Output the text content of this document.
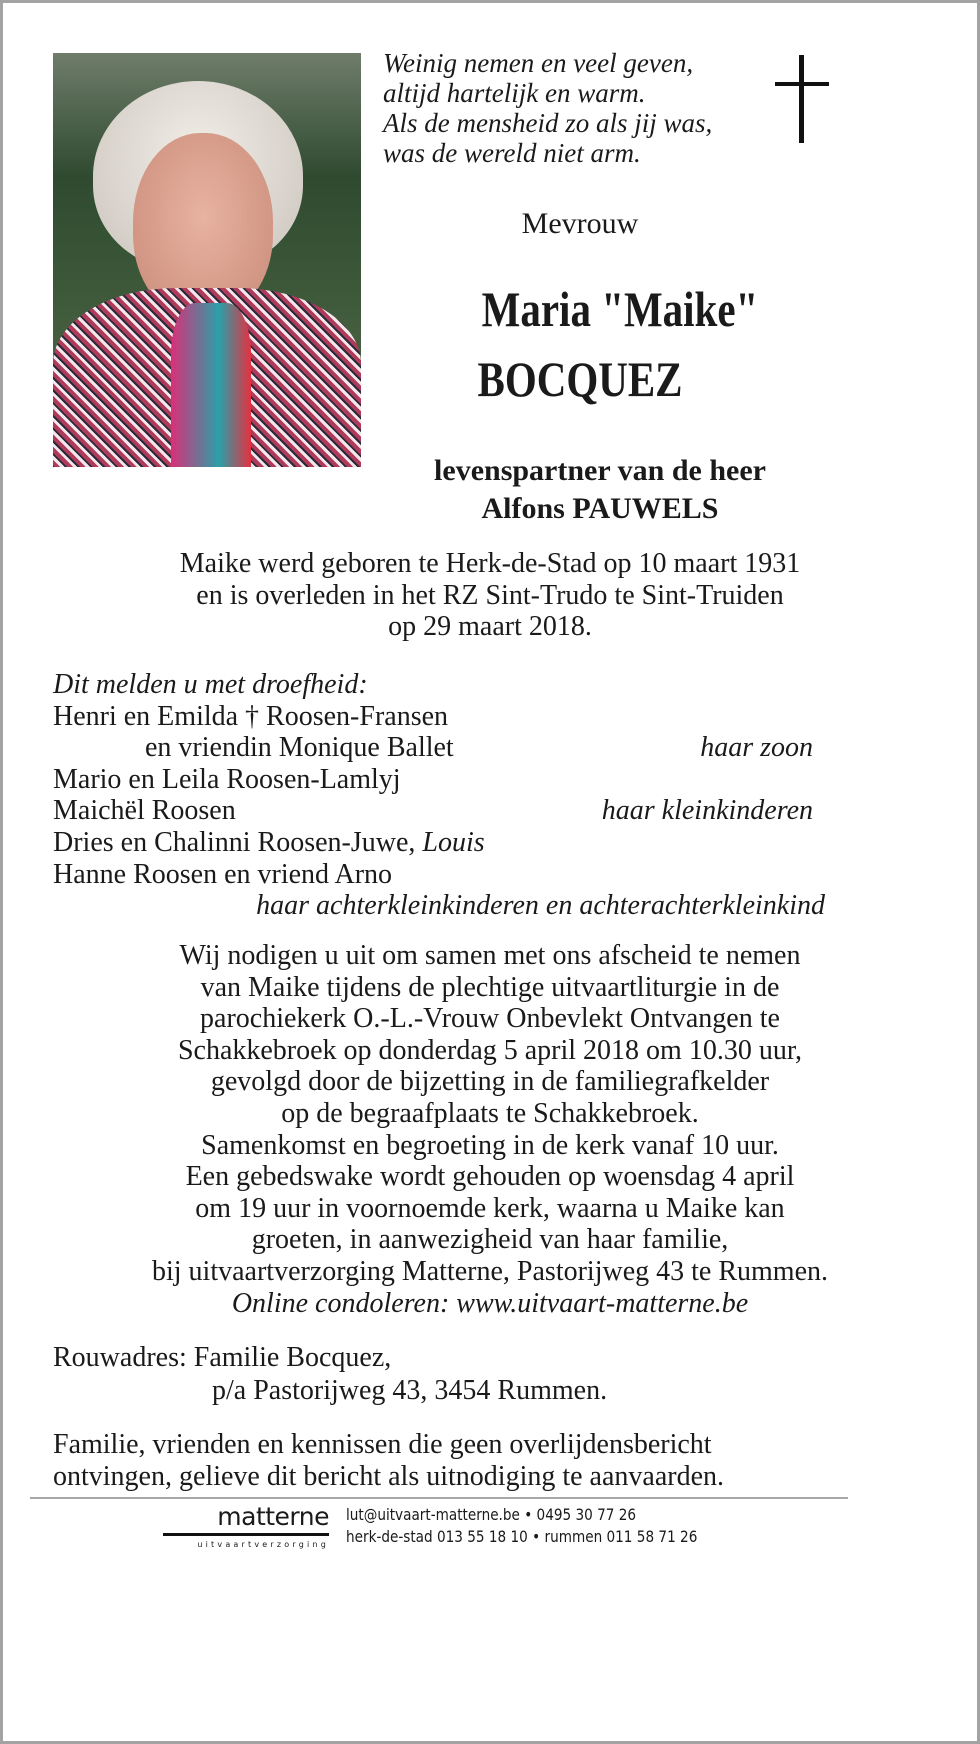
Weinig nemen en veel geven,
altijd hartelijk en warm.
Als de mensheid zo als jij was,
was de wereld niet arm.
Mevrouw
Maria "Maike"
BOCQUEZ
levenspartner van de heer
Alfons PAUWELS
Maike werd geboren te Herk-de-Stad op 10 maart 1931
en is overleden in het RZ Sint-Trudo te Sint-Truiden
op 29 maart 2018.
Dit melden u met droefheid:
Henri en Emilda † Roosen-Fransen
en vriendin Monique Ballet	haar zoon
Mario en Leila Roosen-Lamlyj
Maichël Roosen	haar kleinkinderen
Dries en Chalinni Roosen-Juwe, Louis
Hanne Roosen en vriend Arno
haar achterkleinkinderen en achterachterkleinkind
Wij nodigen u uit om samen met ons afscheid te nemen
van Maike tijdens de plechtige uitvaartliturgie in de
parochiekerk O.-L.-Vrouw Onbevlekt Ontvangen te
Schakkebroek op donderdag 5 april 2018 om 10.30 uur,
gevolgd door de bijzetting in de familiegrafkelder
op de begraafplaats te Schakkebroek.
Samenkomst en begroeting in de kerk vanaf 10 uur.
Een gebedswake wordt gehouden op woensdag 4 april
om 19 uur in voornoemde kerk, waarna u Maike kan
groeten, in aanwezigheid van haar familie,
bij uitvaartverzorging Matterne, Pastorijweg 43 te Rummen.
Online condoleren: www.uitvaart-matterne.be
Rouwadres: Familie Bocquez,
p/a Pastorijweg 43, 3454 Rummen.
Familie, vrienden en kennissen die geen overlijdensbericht
ontvingen, gelieve dit bericht als uitnodiging te aanvaarden.
matterne
uitvaartverzorging
lut@uitvaart-matterne.be • 0495 30 77 26
herk-de-stad 013 55 18 10 • rummen 011 58 71 26
